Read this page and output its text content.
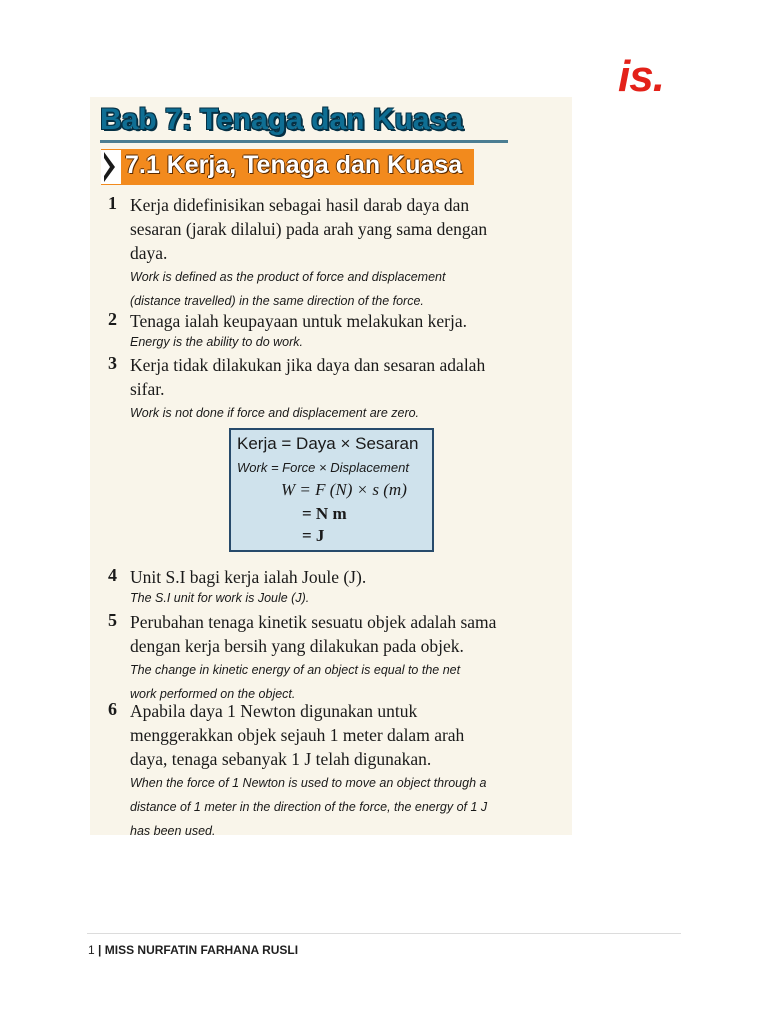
is.
Bab 7: Tenaga dan Kuasa
7.1 Kerja, Tenaga dan Kuasa
1 Kerja didefinisikan sebagai hasil darab daya dan
sesaran (jarak dilalui) pada arah yang sama dengan
daya.
Work is defined as the product of force and displacement
(distance travelled) in the same direction of the force.
2 Tenaga ialah keupayaan untuk melakukan kerja.
Energy is the ability to do work.
3 Kerja tidak dilakukan jika daya dan sesaran adalah
sifar.
Work is not done if force and displacement are zero.
Kerja = Daya × Sesaran
Work = Force × Displacement
W = F (N) × s (m)
= N m
= J
4 Unit S.I bagi kerja ialah Joule (J).
The S.I unit for work is Joule (J).
5 Perubahan tenaga kinetik sesuatu objek adalah sama
dengan kerja bersih yang dilakukan pada objek.
The change in kinetic energy of an object is equal to the net
work performed on the object.
6 Apabila daya 1 Newton digunakan untuk
menggerakkan objek sejauh 1 meter dalam arah
daya, tenaga sebanyak 1 J telah digunakan.
When the force of 1 Newton is used to move an object through a
distance of 1 meter in the direction of the force, the energy of 1 J
has been used.
1 | MISS NURFATIN FARHANA RUSLI
